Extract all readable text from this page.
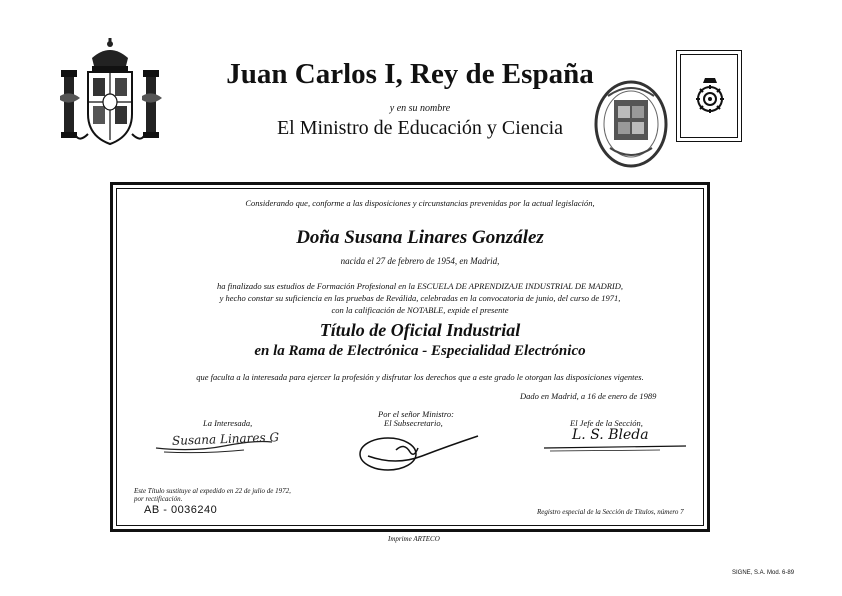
Juan Carlos I, Rey de España
y en su nombre
El Ministro de Educación y Ciencia
Considerando que, conforme a las disposiciones y circunstancias prevenidas por la actual legislación,
Doña Susana Linares González
nacida el 27 de febrero de 1954, en Madrid,
ha finalizado sus estudios de Formación Profesional en la ESCUELA DE APRENDIZAJE INDUSTRIAL DE MADRID,
y hecho constar su suficiencia en las pruebas de Reválida, celebradas en la convocatoria de junio, del curso de 1971,
con la calificación de NOTABLE, expide el presente
Título de Oficial Industrial
en la Rama de Electrónica - Especialidad Electrónico
que faculta a la interesada para ejercer la profesión y disfrutar los derechos que a este grado le otorgan las disposiciones vigentes.
Dado en Madrid, a 16 de enero de 1989
La Interesada,
Susana Linares G
Por el señor Ministro:
El Subsecretario,	El Jefe de la Sección,
L. S. Bleda
Este Título sustituye al expedido en 22 de julio de 1972,
por rectificación.
AB - 0036240	Registro especial de la Sección de Títulos, número 7
Imprime ARTECO
SIGNE, S.A. Mod. 6-89
